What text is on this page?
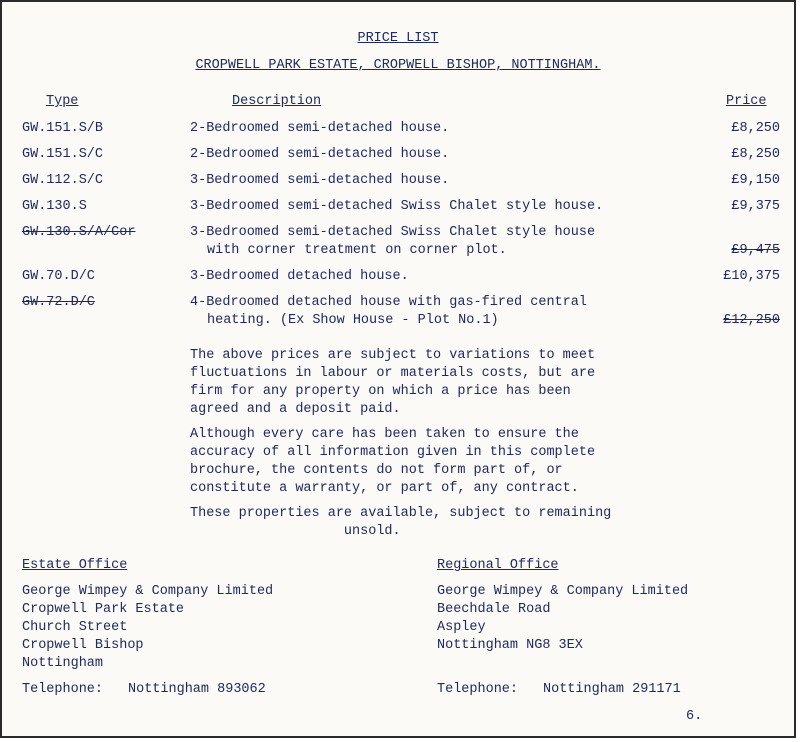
PRICE LIST
CROPWELL PARK ESTATE, CROPWELL BISHOP, NOTTINGHAM.
Type	Description	Price
GW.151.S/B	2-Bedroomed semi-detached house.	£8,250
GW.151.S/C	2-Bedroomed semi-detached house.	£8,250
GW.112.S/C	3-Bedroomed semi-detached house.	£9,150
GW.130.S	3-Bedroomed semi-detached Swiss Chalet style house.	£9,375
GW.130.S/A/Cor	3-Bedroomed semi-detached Swiss Chalet style house
with corner treatment on corner plot.	£9,475
GW.70.D/C	3-Bedroomed detached house.	£10,375
GW.72.D/C	4-Bedroomed detached house with gas-fired central
heating. (Ex Show House - Plot No.1)	£12,250
The above prices are subject to variations to meet
fluctuations in labour or materials costs, but are
firm for any property on which a price has been
agreed and a deposit paid.
Although every care has been taken to ensure the
accuracy of all information given in this complete
brochure, the contents do not form part of, or
constitute a warranty, or part of, any contract.
These properties are available, subject to remaining
unsold.
Estate Office
George Wimpey & Company Limited
Cropwell Park Estate
Church Street
Cropwell Bishop
Nottingham
Telephone: Nottingham 893062
Regional Office
George Wimpey & Company Limited
Beechdale Road
Aspley
Nottingham NG8 3EX
Telephone: Nottingham 291171
6.
